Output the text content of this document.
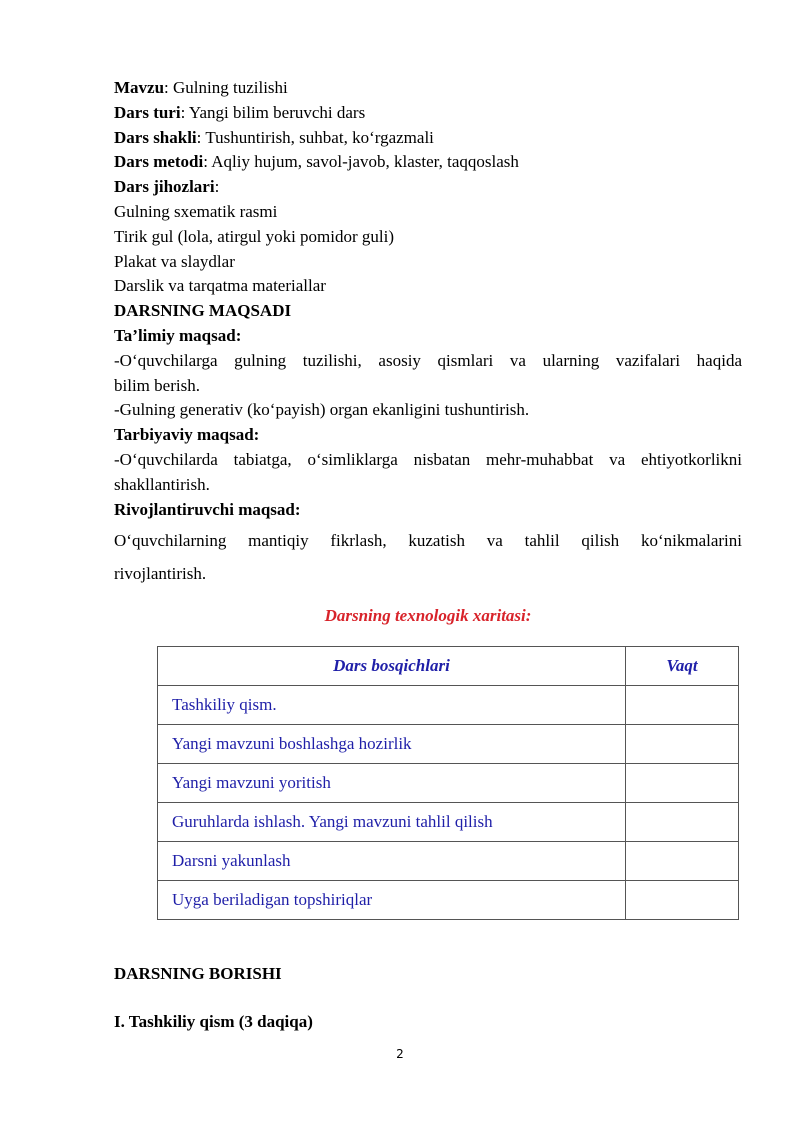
Mavzu: Gulning tuzilishi
Dars turi: Yangi bilim beruvchi dars
Dars shakli: Tushuntirish, suhbat, ko‘rgazmali
Dars metodi: Aqliy hujum, savol-javob, klaster, taqqoslash
Dars jihozlari:
Gulning sxematik rasmi
Tirik gul (lola, atirgul yoki pomidor guli)
Plakat va slaydlar
Darslik va tarqatma materiallar
DARSNING MAQSADI
Ta’limiy maqsad:
-O‘quvchilarga gulning tuzilishi, asosiy qismlari va ularning vazifalari haqida
bilim berish.
-Gulning generativ (ko‘payish) organ ekanligini tushuntirish.
Tarbiyaviy maqsad:
-O‘quvchilarda tabiatga, o‘simliklarga nisbatan mehr-muhabbat va ehtiyotkorlikni
shakllantirish.
Rivojlantiruvchi maqsad:
O‘quvchilarning mantiqiy fikrlash, kuzatish va tahlil qilish ko‘nikmalarini
rivojlantirish.
Darsning texnologik xaritasi:
Dars bosqichlari	Vaqt
Tashkiliy qism.	
Yangi mavzuni boshlashga hozirlik	
Yangi mavzuni yoritish	
Guruhlarda ishlash. Yangi mavzuni tahlil qilish	
Darsni yakunlash	
Uyga beriladigan topshiriqlar	
DARSNING BORISHI
I. Tashkiliy qism (3 daqiqa)
2
